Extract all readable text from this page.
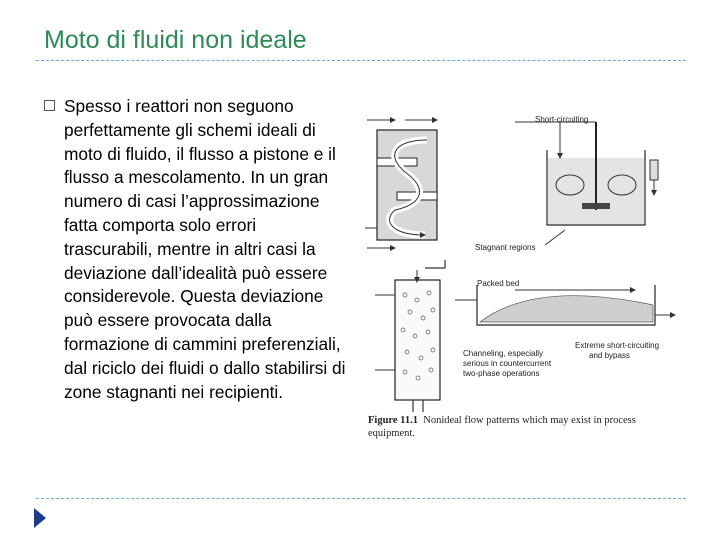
Moto di fluidi non ideale
Spesso i reattori non seguono perfettamente gli schemi ideali di moto di fluido, il flusso a pistone e il flusso a mescolamento. In un gran numero di casi l’approssimazione fatta comporta solo errori trascurabili, mentre in altri casi la deviazione dall’idealità può essere considerevole. Questa deviazione può essere provocata dalla formazione di cammini preferenziali, dal riciclo dei fluidi o dallo stabilirsi di zone stagnanti nei recipienti.
Short-circuiting
Stagnant regions
Packed bed
Channeling, especially
serious in countercurrent
two-phase operations
Extreme short-circuiting
and bypass
Figure 11.1 Nonideal flow patterns which may exist in process equipment.
